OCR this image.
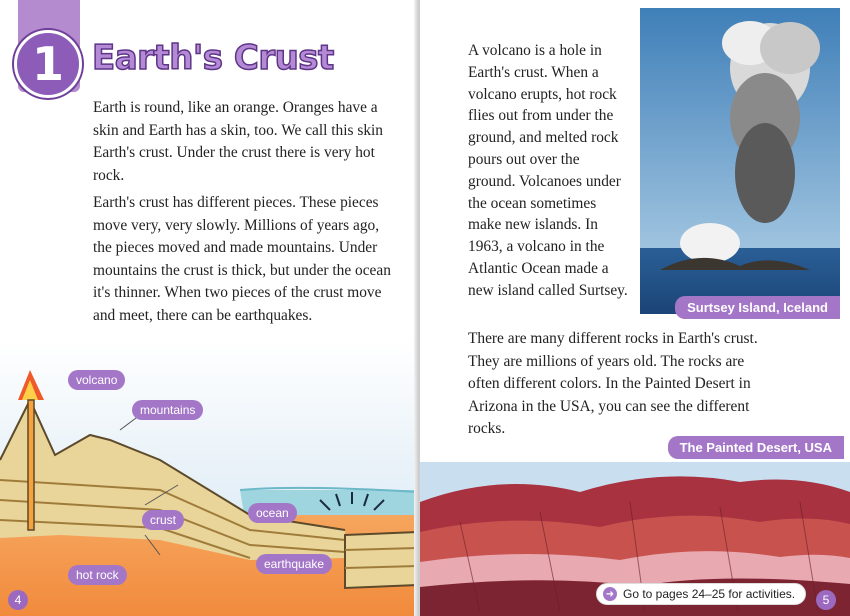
1 Earth's Crust

Earth is round, like an orange. Oranges have a skin and Earth has a skin, too. We call this skin Earth's crust. Under the crust there is very hot rock.

Earth's crust has different pieces. These pieces move very, very slowly. Millions of years ago, the pieces moved and made mountains. Under mountains the crust is thick, but under the ocean it's thinner. When two pieces of the crust move and meet, there can be earthquakes.

volcano
mountains
crust	ocean
earthquake
hot rock
4

A volcano is a hole in Earth's crust. When a volcano erupts, hot rock flies out from under the ground, and melted rock pours out over the ground. Volcanoes under the ocean sometimes make new islands. In 1963, a volcano in the Atlantic Ocean made a new island called Surtsey.

Surtsey Island, Iceland

There are many different rocks in Earth's crust. They are millions of years old. The rocks are often different colors. In the Painted Desert in Arizona in the USA, you can see the different rocks.

The Painted Desert, USA
➜ Go to pages 24–25 for activities.	5
